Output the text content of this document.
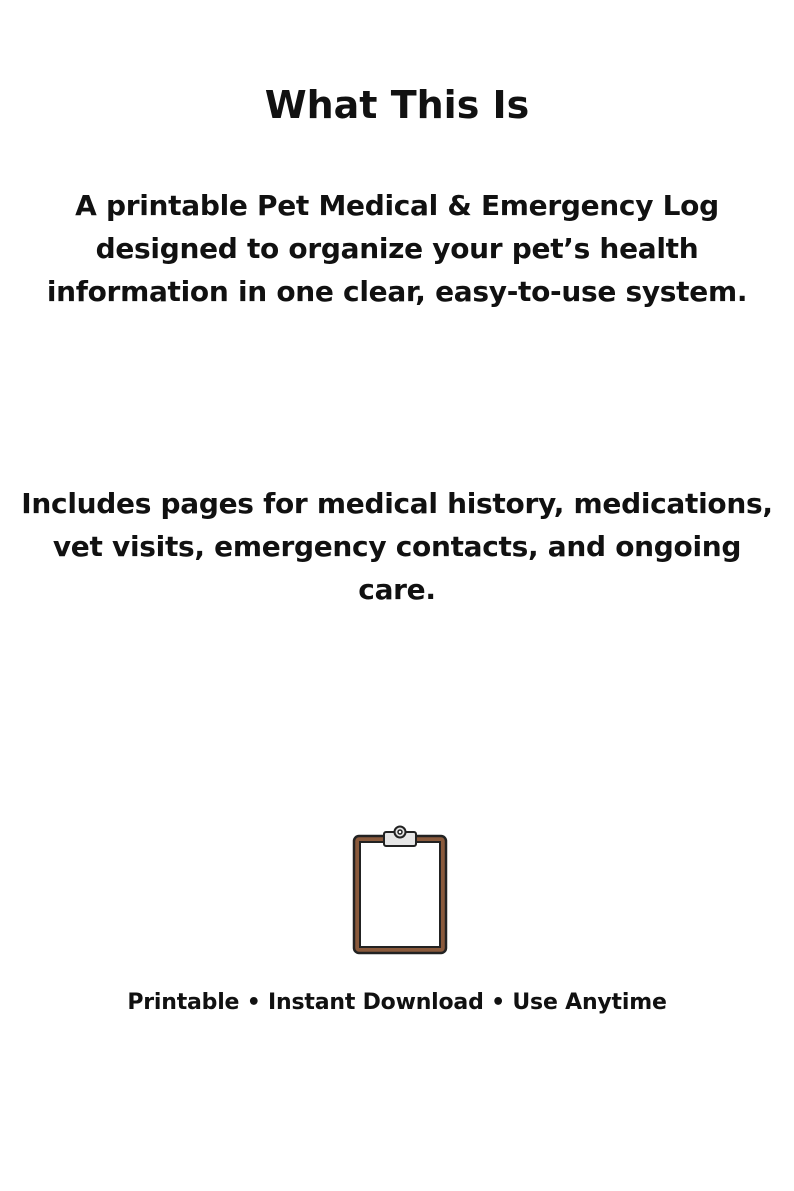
What This Is

A printable Pet Medical & Emergency Log designed to organize your pet’s health information in one clear, easy-to-use system.

Includes pages for medical history, medications, vet visits, emergency contacts, and ongoing care.

Printable • Instant Download • Use Anytime
